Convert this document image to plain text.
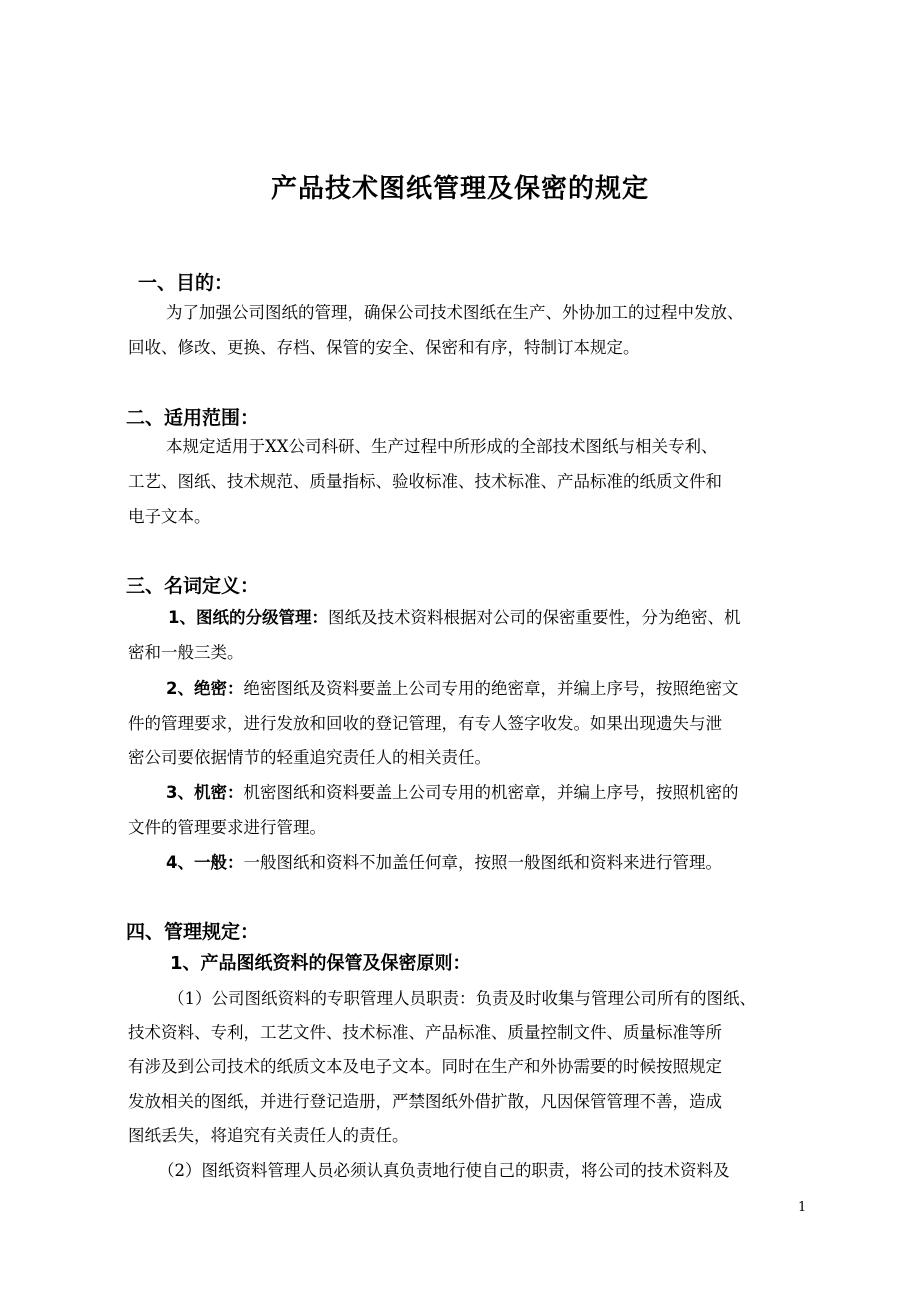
产品技术图纸管理及保密的规定
一、目的：
为了加强公司图纸的管理，确保公司技术图纸在生产、外协加工的过程中发放、
回收、修改、更换、存档、保管的安全、保密和有序，特制订本规定。
二、适用范围：
本规定适用于XX公司科研、生产过程中所形成的全部技术图纸与相关专利、
工艺、图纸、技术规范、质量指标、验收标准、技术标准、产品标准的纸质文件和
电子文本。
三、名词定义：
1、图纸的分级管理：图纸及技术资料根据对公司的保密重要性，分为绝密、机
密和一般三类。
2、绝密：绝密图纸及资料要盖上公司专用的绝密章，并编上序号，按照绝密文
件的管理要求，进行发放和回收的登记管理，有专人签字收发。如果出现遗失与泄
密公司要依据情节的轻重追究责任人的相关责任。
3、机密：机密图纸和资料要盖上公司专用的机密章，并编上序号，按照机密的
文件的管理要求进行管理。
4、一般：一般图纸和资料不加盖任何章，按照一般图纸和资料来进行管理。
四、管理规定：
1、产品图纸资料的保管及保密原则：
（1）公司图纸资料的专职管理人员职责：负责及时收集与管理公司所有的图纸、
技术资料、专利，工艺文件、技术标准、产品标准、质量控制文件、质量标准等所
有涉及到公司技术的纸质文本及电子文本。同时在生产和外协需要的时候按照规定
发放相关的图纸，并进行登记造册，严禁图纸外借扩散，凡因保管管理不善，造成
图纸丢失，将追究有关责任人的责任。
（2）图纸资料管理人员必须认真负责地行使自己的职责，将公司的技术资料及
1
